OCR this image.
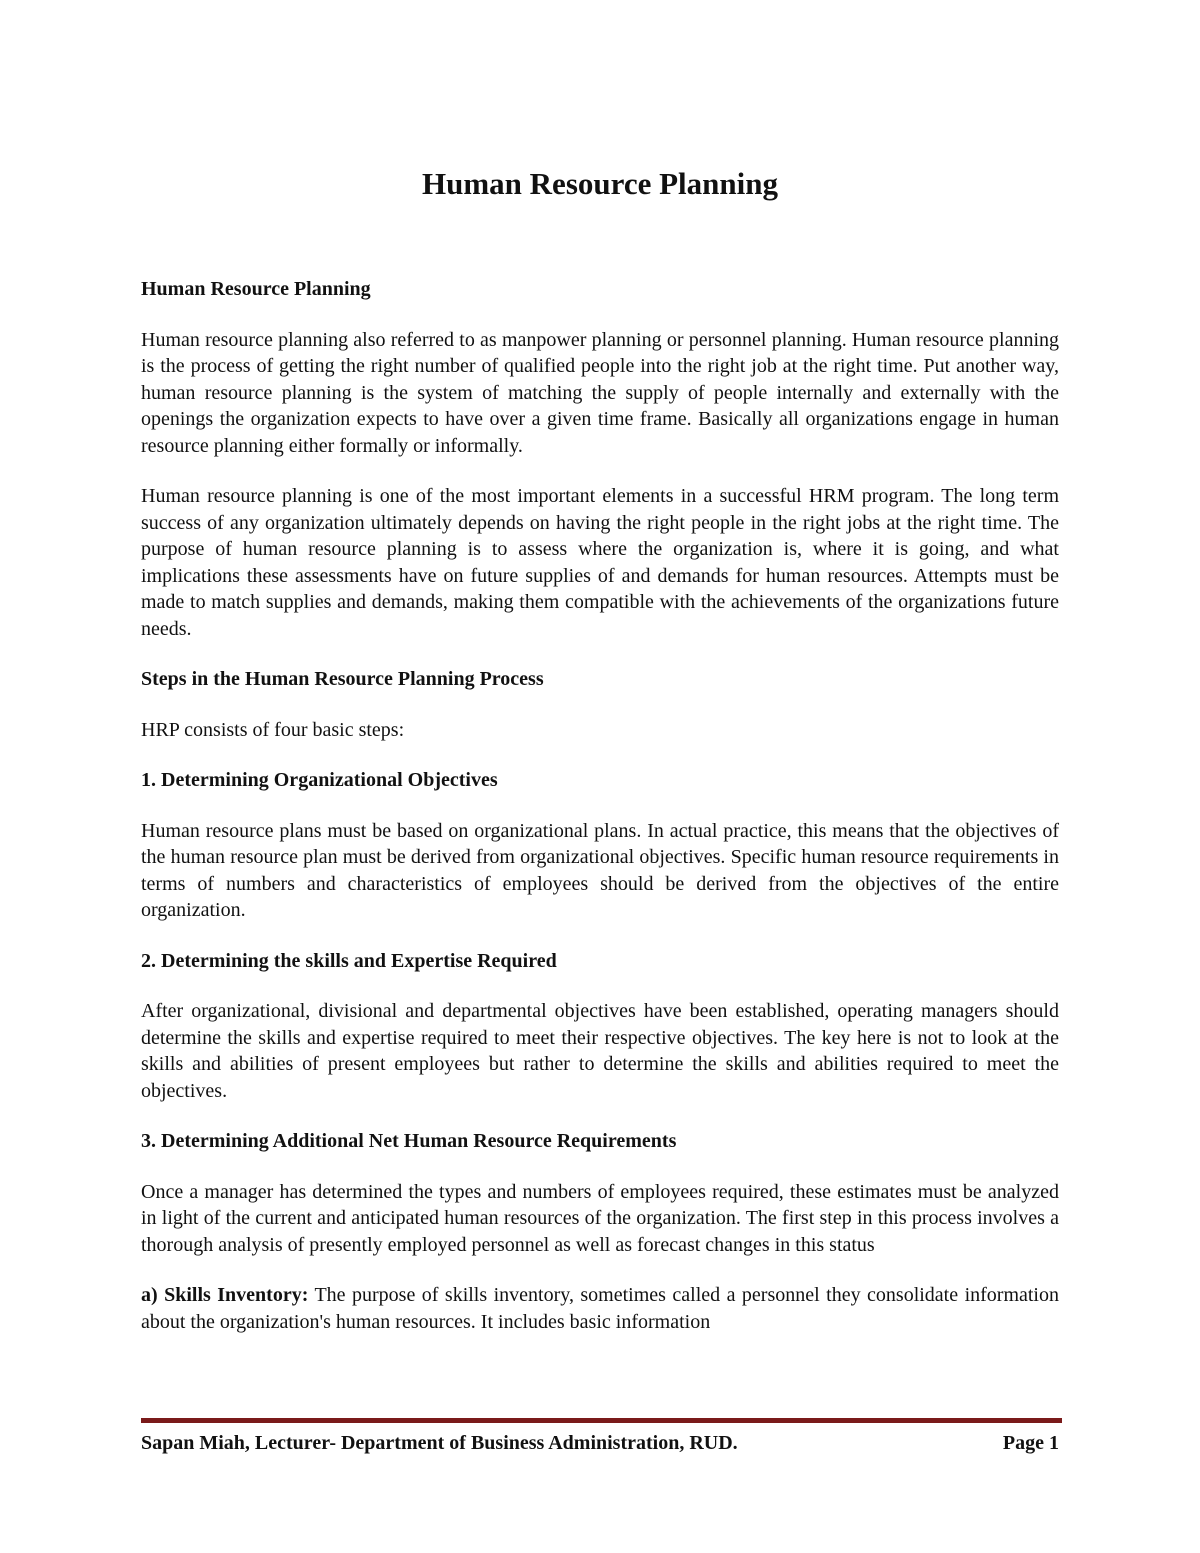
Human Resource Planning
Human Resource Planning

Human resource planning also referred to as manpower planning or personnel planning. Human resource planning is the process of getting the right number of qualified people into the right job at the right time. Put another way, human resource planning is the system of matching the supply of people internally and externally with the openings the organization expects to have over a given time frame. Basically all organizations engage in human resource planning either formally or informally.

Human resource planning is one of the most important elements in a successful HRM program. The long term success of any organization ultimately depends on having the right people in the right jobs at the right time. The purpose of human resource planning is to assess where the organization is, where it is going, and what implications these assessments have on future supplies of and demands for human resources. Attempts must be made to match supplies and demands, making them compatible with the achievements of the organizations future needs.

Steps in the Human Resource Planning Process

HRP consists of four basic steps:

1. Determining Organizational Objectives

Human resource plans must be based on organizational plans. In actual practice, this means that the objectives of the human resource plan must be derived from organizational objectives. Specific human resource requirements in terms of numbers and characteristics of employees should be derived from the objectives of the entire organization.

2. Determining the skills and Expertise Required

After organizational, divisional and departmental objectives have been established, operating managers should determine the skills and expertise required to meet their respective objectives. The key here is not to look at the skills and abilities of present employees but rather to determine the skills and abilities required to meet the objectives.

3. Determining Additional Net Human Resource Requirements

Once a manager has determined the types and numbers of employees required, these estimates must be analyzed in light of the current and anticipated human resources of the organization. The first step in this process involves a thorough analysis of presently employed personnel as well as forecast changes in this status

a) Skills Inventory: The purpose of skills inventory, sometimes called a personnel they consolidate information about the organization's human resources. It includes basic information

Sapan Miah, Lecturer- Department of Business Administration, RUD.	Page 1
